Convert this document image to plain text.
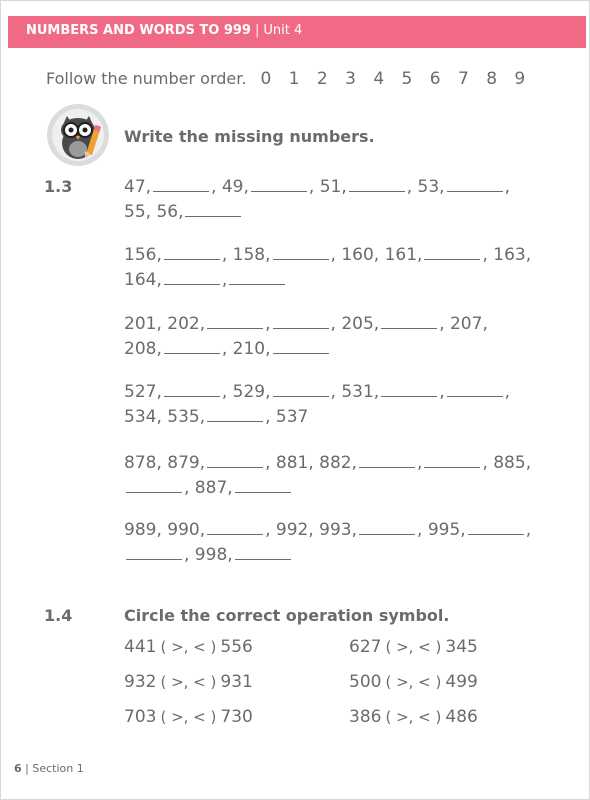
NUMBERS AND WORDS TO 999 | Unit 4
Follow the number order. 0 1 2 3 4 5 6 7 8 9
Write the missing numbers.
1.3	47,	, 49,	, 51,	, 53,	,
55, 56,
156,	, 158,	, 160, 161,	, 163,
164,	,
201, 202,	,	, 205,	, 207,
208,	, 210,
527,	, 529,	, 531,	,	,
534, 535,	, 537
878, 879,	, 881, 882,	,	, 885,
, 887,
989, 990,	, 992, 993,	, 995,	,
, 998,
1.4	Circle the correct operation symbol.
441 ( >, < ) 556	627 ( >, < ) 345
932 ( >, < ) 931	500 ( >, < ) 499
703 ( >, < ) 730	386 ( >, < ) 486
6 | Section 1
